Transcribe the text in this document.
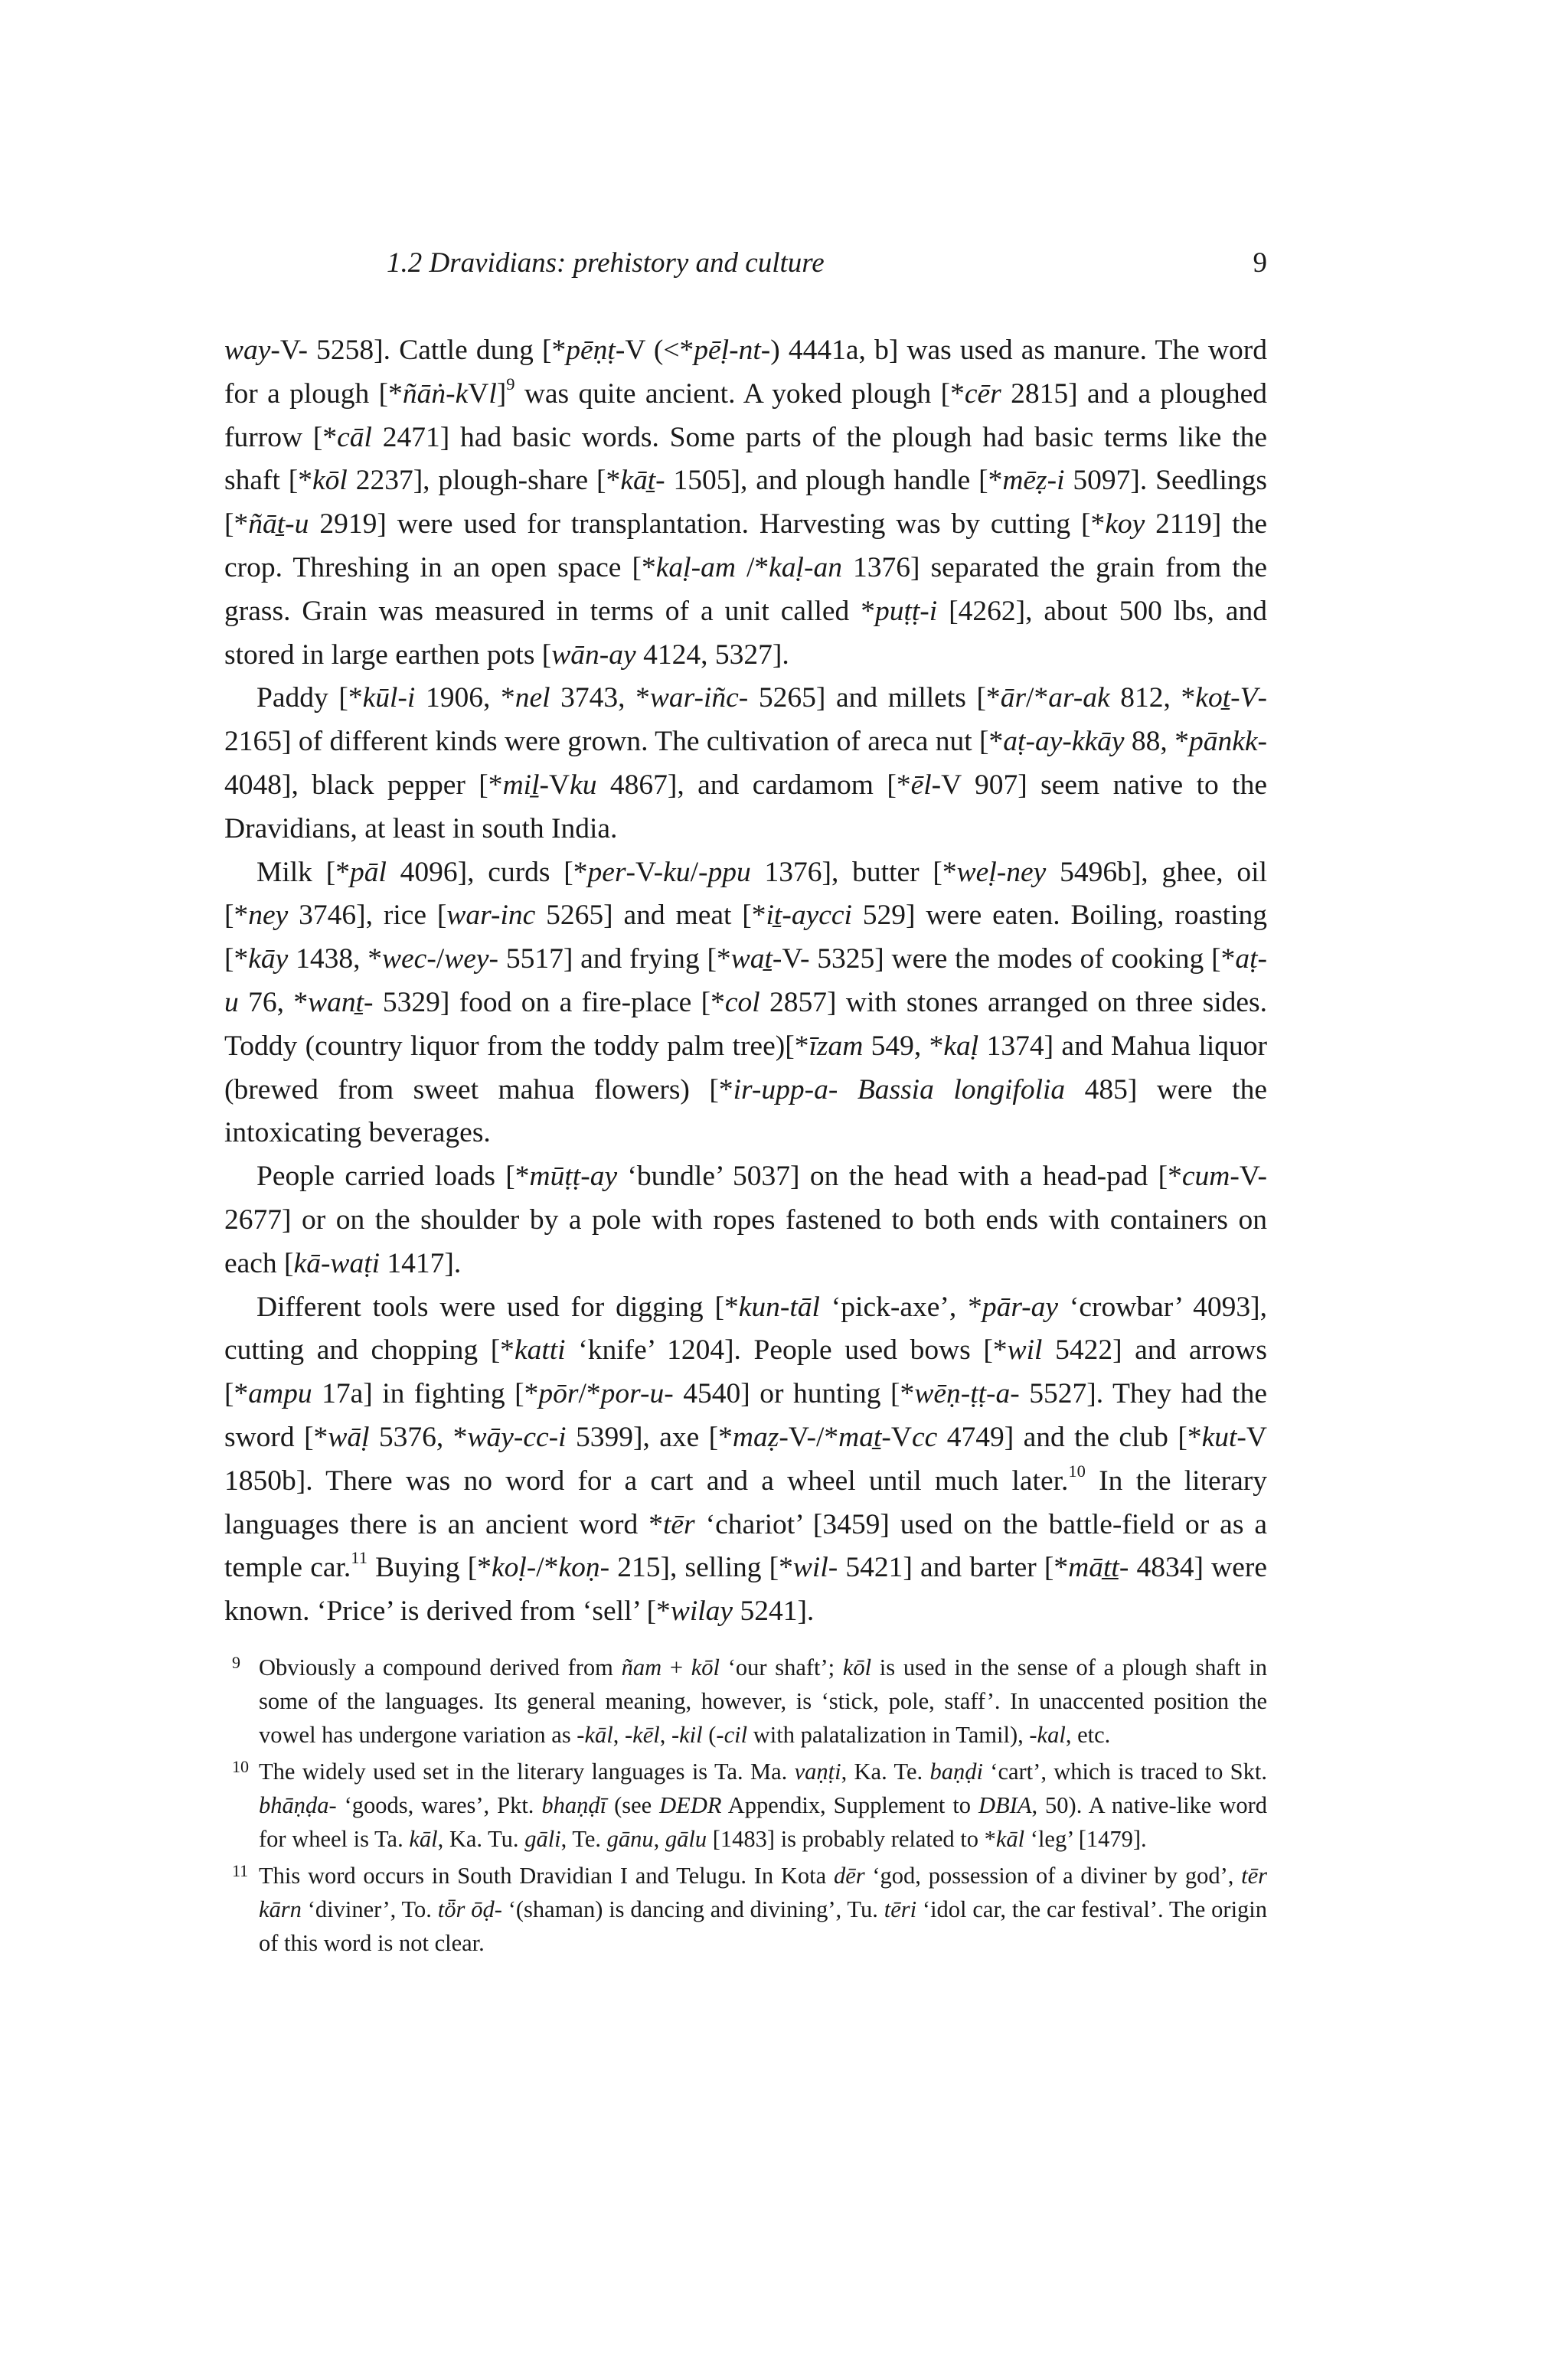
1.2 Dravidians: prehistory and culture	9

way-V- 5258]. Cattle dung [*pēṇṭ-V (<*pēḷ-nt-) 4441a, b] was used as manure. The word for a plough [*ñāṅ-kVl]$^9$ was quite ancient. A yoked plough [*cēr 2815] and a ploughed furrow [*cāl 2471] had basic words. Some parts of the plough had basic terms like the shaft [*kōl 2237], plough-share [*kāṯ- 1505], and plough handle [*mēẓ-i 5097]. Seedlings [*ñāṯ-u 2919] were used for transplantation. Harvesting was by cutting [*koy 2119] the crop. Threshing in an open space [*kaḷ-am /*kaḷ-an 1376] separated the grain from the grass. Grain was measured in terms of a unit called *puṭṭ-i [4262], about 500 lbs, and stored in large earthen pots [wān-ay 4124, 5327].

Paddy [*kūl-i 1906, *nel 3743, *war-iñc- 5265] and millets [*ār/*ar-ak 812, *koṯ-V- 2165] of different kinds were grown. The cultivation of areca nut [*aṭ-ay-kkāy 88, *pānkk- 4048], black pepper [*miḻ-Vku 4867], and cardamom [*ēl-V 907] seem native to the Dravidians, at least in south India.

Milk [*pāl 4096], curds [*per-V-ku/-ppu 1376], butter [*weḷ-ney 5496b], ghee, oil [*ney 3746], rice [war-inc 5265] and meat [*iṯ-aycci 529] were eaten. Boiling, roasting [*kāy 1438, *wec-/wey- 5517] and frying [*waṯ-V- 5325] were the modes of cooking [*aṭ-u 76, *wanṯ- 5329] food on a fire-place [*col 2857] with stones arranged on three sides. Toddy (country liquor from the toddy palm tree)[*īzam 549, *kaḷ 1374] and Mahua liquor (brewed from sweet mahua flowers) [*ir-upp-a- Bassia longifolia 485] were the intoxicating beverages.

People carried loads [*mūṭṭ-ay ‘bundle’ 5037] on the head with a head-pad [*cum-V- 2677] or on the shoulder by a pole with ropes fastened to both ends with containers on each [kā-waṭi 1417].

Different tools were used for digging [*kun-tāl ‘pick-axe’, *pār-ay ‘crowbar’ 4093], cutting and chopping [*katti ‘knife’ 1204]. People used bows [*wil 5422] and arrows [*ampu 17a] in fighting [*pōr/*por-u- 4540] or hunting [*wēṇ-ṭṭ-a- 5527]. They had the sword [*wāḷ 5376, *wāy-cc-i 5399], axe [*maẓ-V-/*maṯ-Vcc 4749] and the club [*kut-V 1850b]. There was no word for a cart and a wheel until much later.$^{10}$ In the literary languages there is an ancient word *tēr ‘chariot’ [3459] used on the battle-field or as a temple car.$^{11}$ Buying [*koḷ-/*koṇ- 215], selling [*wil- 5421] and barter [*māṯṯ- 4834] were known. ‘Price’ is derived from ‘sell’ [*wilay 5241].

9 Obviously a compound derived from ñam + kōl ‘our shaft’; kōl is used in the sense of a plough shaft in some of the languages. Its general meaning, however, is ‘stick, pole, staff’. In unaccented position the vowel has undergone variation as -kāl, -kēl, -kil (-cil with palatalization in Tamil), -kal, etc.
10 The widely used set in the literary languages is Ta. Ma. vaṇṭi, Ka. Te. baṇḍi ‘cart’, which is traced to Skt. bhāṇḍa- ‘goods, wares’, Pkt. bhaṇḍī (see DEDR Appendix, Supplement to DBIA, 50). A native-like word for wheel is Ta. kāl, Ka. Tu. gāli, Te. gānu, gālu [1483] is probably related to *kāl ‘leg’ [1479].
11 This word occurs in South Dravidian I and Telugu. In Kota dēr ‘god, possession of a diviner by god’, tēr kārn ‘diviner’, To. tȫr ōḍ- ‘(shaman) is dancing and divining’, Tu. tēri ‘idol car, the car festival’. The origin of this word is not clear.
